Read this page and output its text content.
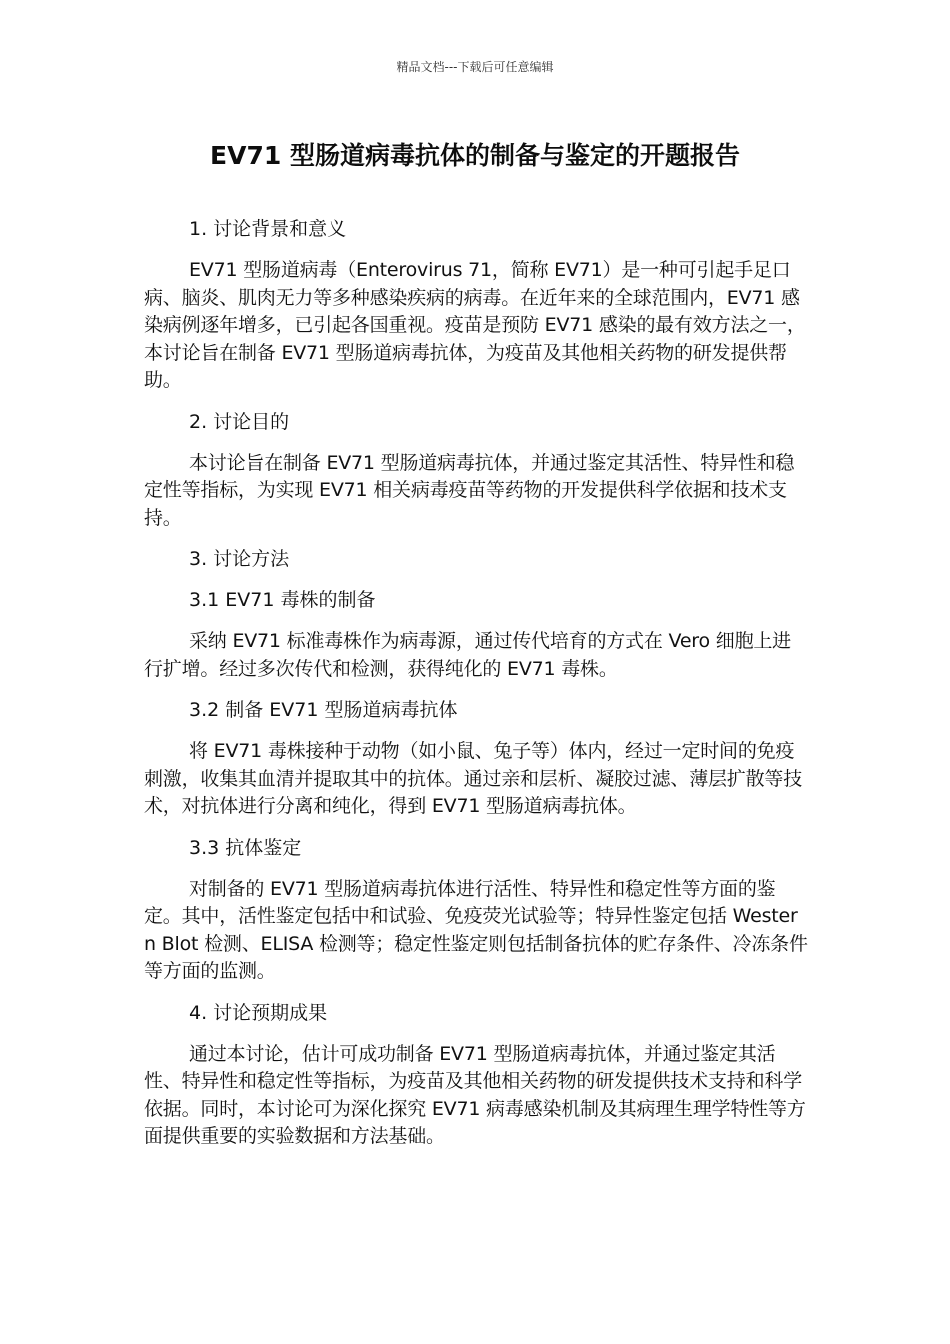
精品文档---下载后可任意编辑
EV71 型肠道病毒抗体的制备与鉴定的开题报告

1. 讨论背景和意义

EV71 型肠道病毒（Enterovirus 71，简称 EV71）是一种可引起手足口病、脑炎、肌肉无力等多种感染疾病的病毒。在近年来的全球范围内，EV71 感染病例逐年增多，已引起各国重视。疫苗是预防 EV71 感染的最有效方法之一，本讨论旨在制备 EV71 型肠道病毒抗体，为疫苗及其他相关药物的研发提供帮助。

2. 讨论目的

本讨论旨在制备 EV71 型肠道病毒抗体，并通过鉴定其活性、特异性和稳定性等指标，为实现 EV71 相关病毒疫苗等药物的开发提供科学依据和技术支持。

3. 讨论方法

3.1 EV71 毒株的制备

采纳 EV71 标准毒株作为病毒源，通过传代培育的方式在 Vero 细胞上进行扩增。经过多次传代和检测，获得纯化的 EV71 毒株。

3.2 制备 EV71 型肠道病毒抗体

将 EV71 毒株接种于动物（如小鼠、兔子等）体内，经过一定时间的免疫刺激，收集其血清并提取其中的抗体。通过亲和层析、凝胶过滤、薄层扩散等技术，对抗体进行分离和纯化，得到 EV71 型肠道病毒抗体。

3.3 抗体鉴定

对制备的 EV71 型肠道病毒抗体进行活性、特异性和稳定性等方面的鉴定。其中，活性鉴定包括中和试验、免疫荧光试验等；特异性鉴定包括 Western Blot 检测、ELISA 检测等；稳定性鉴定则包括制备抗体的贮存条件、冷冻条件等方面的监测。

4. 讨论预期成果

通过本讨论，估计可成功制备 EV71 型肠道病毒抗体，并通过鉴定其活性、特异性和稳定性等指标，为疫苗及其他相关药物的研发提供技术支持和科学依据。同时，本讨论可为深化探究 EV71 病毒感染机制及其病理生理学特性等方面提供重要的实验数据和方法基础。
